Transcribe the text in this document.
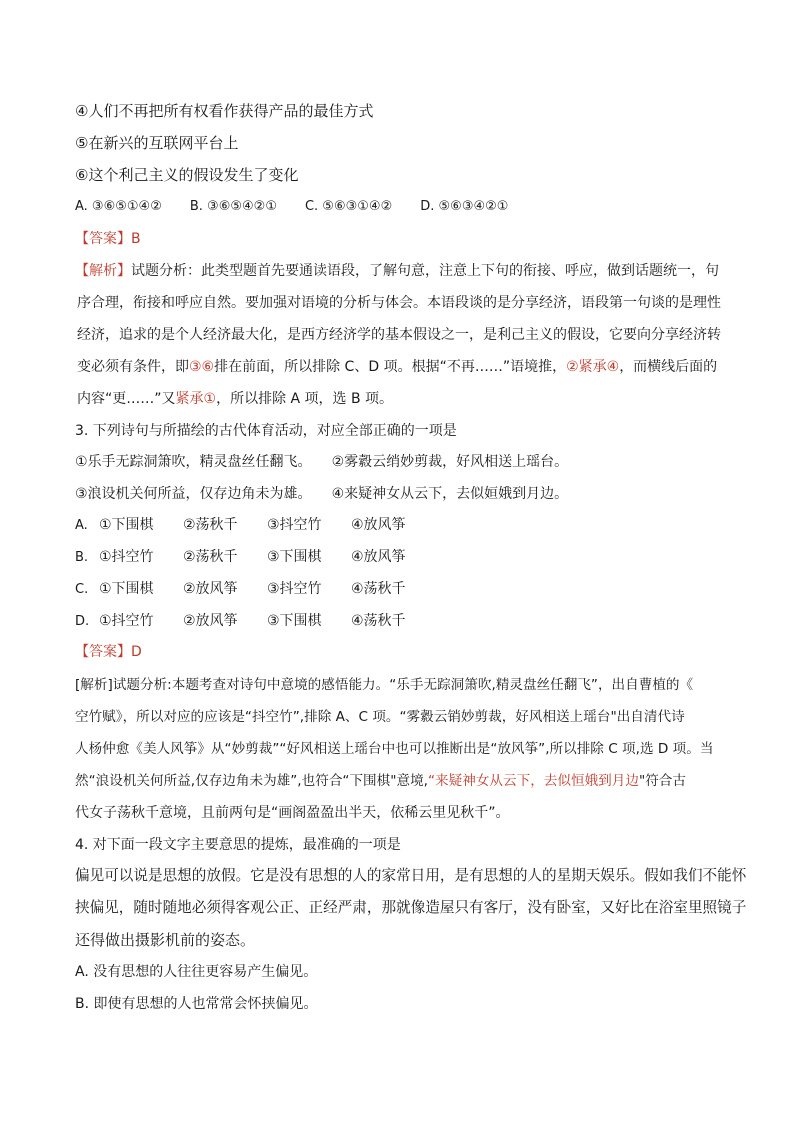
④人们不再把所有权看作获得产品的最佳方式
⑤在新兴的互联网平台上
⑥这个利己主义的假设发生了变化
A. ③⑥⑤①④② B. ③⑥⑤④②① C. ⑤⑥③①④② D. ⑤⑥③④②①
【答案】B
【解析】试题分析：此类型题首先要通读语段，了解句意，注意上下句的衔接、呼应，做到话题统一，句
序合理，衔接和呼应自然。要加强对语境的分析与体会。本语段谈的是分享经济，语段第一句谈的是理性
经济，追求的是个人经济最大化，是西方经济学的基本假设之一，是利己主义的假设，它要向分享经济转
变必须有条件，即③⑥排在前面，所以排除 C、D 项。根据“不再……”语境推，②紧承④，而横线后面的
内容“更……”又紧承①，所以排除 A 项，选 B 项。
3. 下列诗句与所描绘的古代体育活动，对应全部正确的一项是
①乐手无踪洞箫吹，精灵盘丝任翻飞。 ②雾縠云绡妙剪裁，好风相送上瑶台。
③浪设机关何所益，仅存边角未为雄。 ④来疑神女从云下，去似姮娥到月边。
A. ①下围棋 ②荡秋千 ③抖空竹 ④放风筝
B. ①抖空竹 ②荡秋千 ③下围棋 ④放风筝
C. ①下围棋 ②放风筝 ③抖空竹 ④荡秋千
D. ①抖空竹 ②放风筝 ③下围棋 ④荡秋千
【答案】D
[解析]试题分析:本题考查对诗句中意境的感悟能力。“乐手无踪洞箫吹,精灵盘丝任翻飞”，出自曹植的《
空竹赋》，所以对应的应该是“抖空竹”,排除 A、C 项。“雾縠云销妙剪裁，好风相送上瑶台"出自清代诗
人杨仲愈《美人风筝》从“妙剪裁”“好风相送上瑶台中也可以推断出是“放风筝”,所以排除 C 项,选 D 项。当
然“浪设机关何所益,仅存边角未为雄”,也符合“下围棋"意境,“来疑神女从云下，去似恒娥到月边"符合古
代女子荡秋千意境，且前两句是“画阁盈盈出半天，依稀云里见秋千”。
4. 对下面一段文字主要意思的提炼，最准确的一项是
偏见可以说是思想的放假。它是没有思想的人的家常日用，是有思想的人的星期天娱乐。假如我们不能怀
挟偏见，随时随地必须得客观公正、正经严肃，那就像造屋只有客厅，没有卧室，又好比在浴室里照镜子
还得做出摄影机前的姿态。
A. 没有思想的人往往更容易产生偏见。
B. 即使有思想的人也常常会怀挟偏见。
